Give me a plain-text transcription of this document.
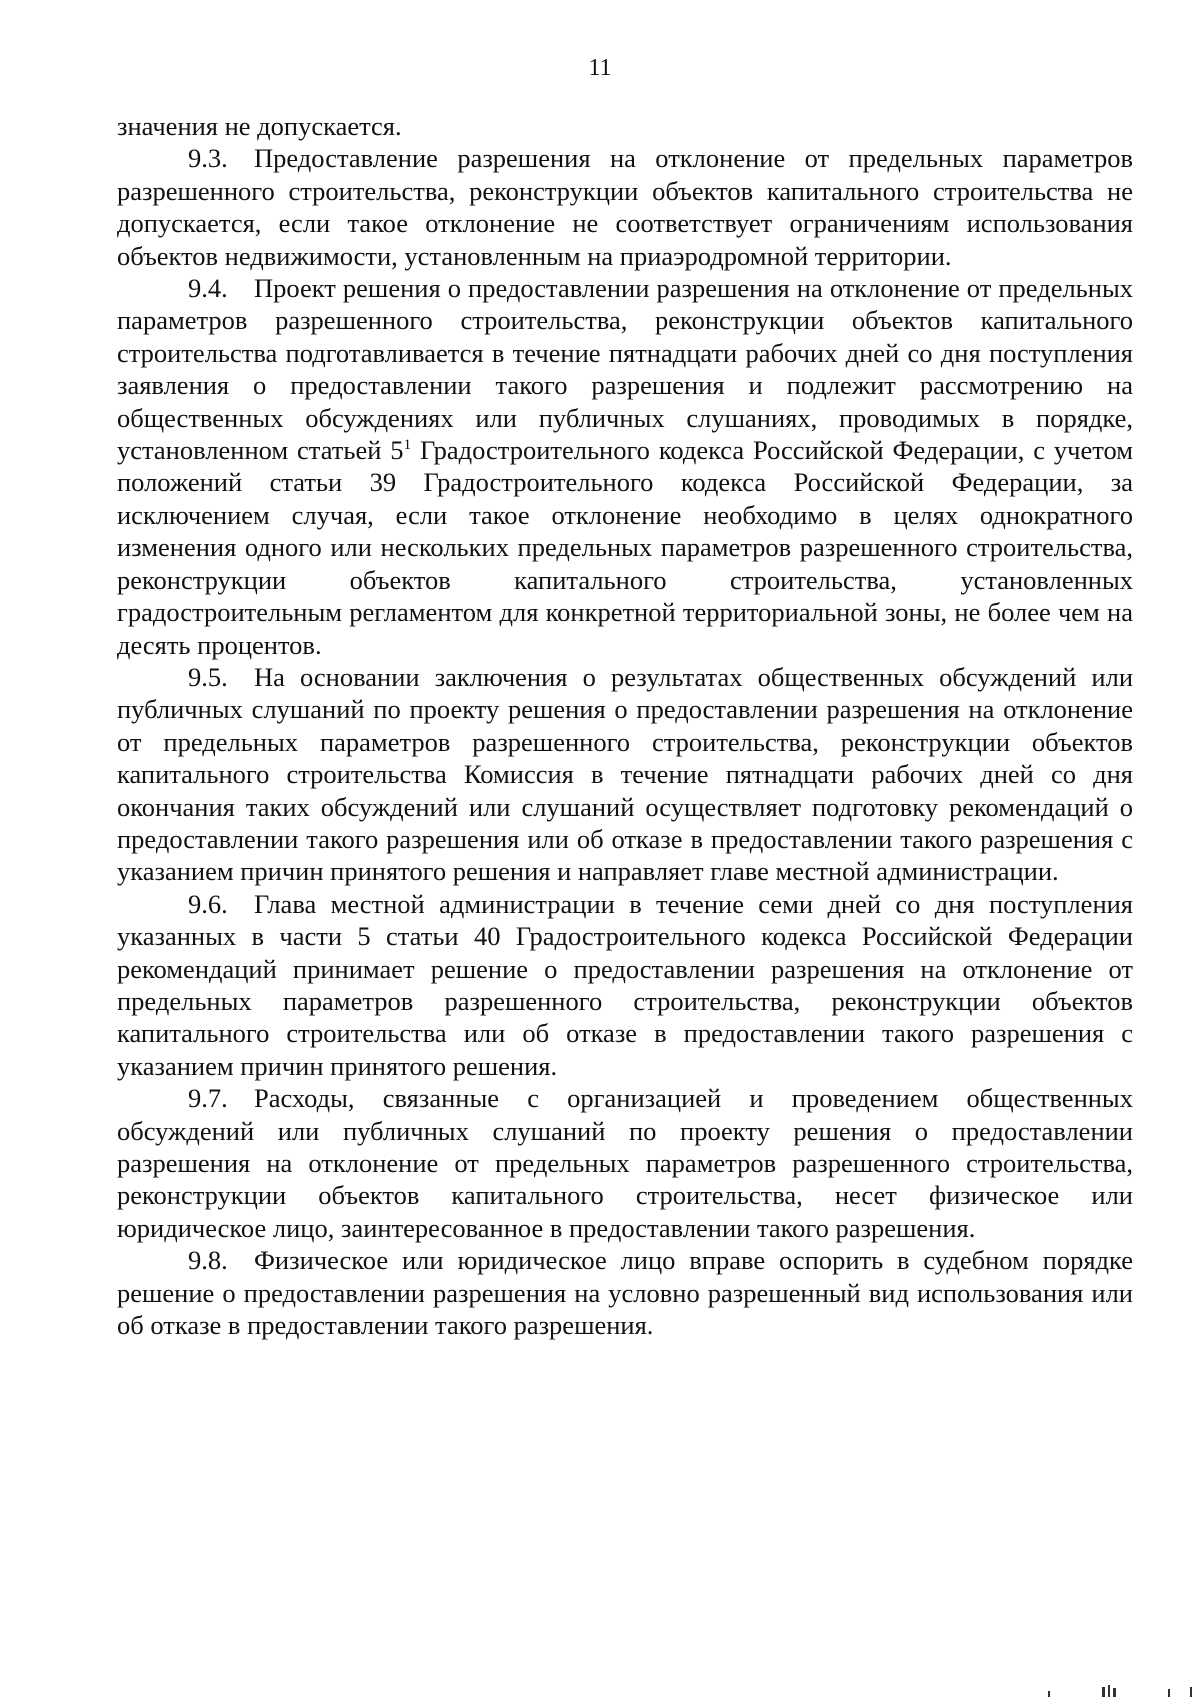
11

значения не допускается.

9.3. Предоставление разрешения на отклонение от предельных параметров разрешенного строительства, реконструкции объектов капитального строительства не допускается, если такое отклонение не соответствует ограничениям использования объектов недвижимости, установленным на приаэродромной территории.

9.4. Проект решения о предоставлении разрешения на отклонение от предельных параметров разрешенного строительства, реконструкции объектов капитального строительства подготавливается в течение пятнадцати рабочих дней со дня поступления заявления о предоставлении такого разрешения и подлежит рассмотрению на общественных обсуждениях или публичных слушаниях, проводимых в порядке, установленном статьей $5^1$ Градостроительного кодекса Российской Федерации, с учетом положений статьи 39 Градостроительного кодекса Российской Федерации, за исключением случая, если такое отклонение необходимо в целях однократного изменения одного или нескольких предельных параметров разрешенного строительства, реконструкции объектов капитального строительства, установленных градостроительным регламентом для конкретной территориальной зоны, не более чем на десять процентов.

9.5. На основании заключения о результатах общественных обсуждений или публичных слушаний по проекту решения о предоставлении разрешения на отклонение от предельных параметров разрешенного строительства, реконструкции объектов капитального строительства Комиссия в течение пятнадцати рабочих дней со дня окончания таких обсуждений или слушаний осуществляет подготовку рекомендаций о предоставлении такого разрешения или об отказе в предоставлении такого разрешения с указанием причин принятого решения и направляет главе местной администрации.

9.6. Глава местной администрации в течение семи дней со дня поступления указанных в части 5 статьи 40 Градостроительного кодекса Российской Федерации рекомендаций принимает решение о предоставлении разрешения на отклонение от предельных параметров разрешенного строительства, реконструкции объектов капитального строительства или об отказе в предоставлении такого разрешения с указанием причин принятого решения.

9.7. Расходы, связанные с организацией и проведением общественных обсуждений или публичных слушаний по проекту решения о предоставлении разрешения на отклонение от предельных параметров разрешенного строительства, реконструкции объектов капитального строительства, несет физическое или юридическое лицо, заинтересованное в предоставлении такого разрешения.

9.8. Физическое или юридическое лицо вправе оспорить в судебном порядке решение о предоставлении разрешения на условно разрешенный вид использования или об отказе в предоставлении такого разрешения.
